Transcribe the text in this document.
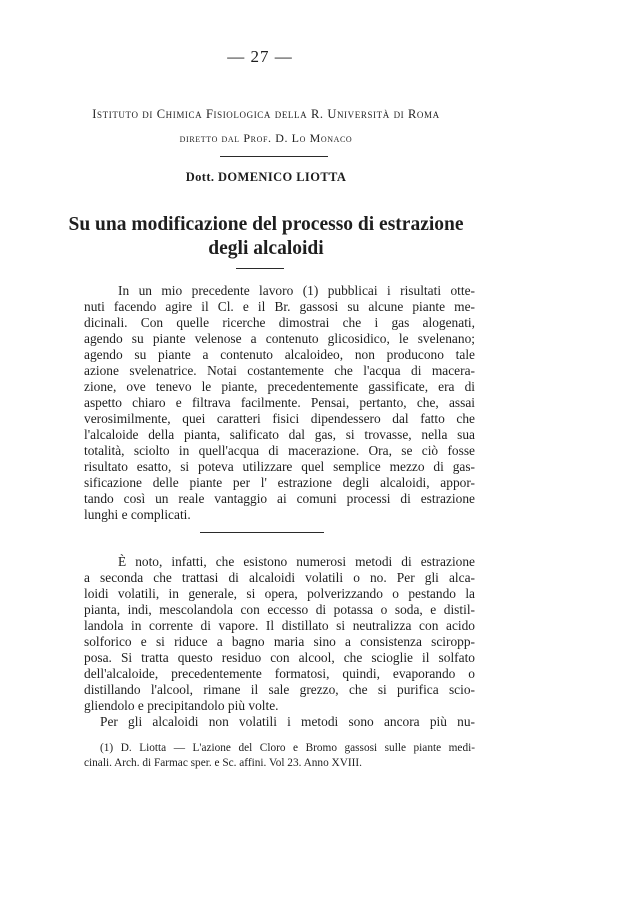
— 27 —
Istituto di Chimica Fisiologica della R. Università di Roma
diretto dal Prof. D. Lo Monaco
Dott. DOMENICO LIOTTA
Su una modificazione del processo di estrazione
degli alcaloidi
In un mio precedente lavoro (1) pubblicai i risultati otte-
nuti facendo agire il Cl. e il Br. gassosi su alcune piante me-
dicinali. Con quelle ricerche dimostrai che i gas alogenati,
agendo su piante velenose a contenuto glicosidico, le svelenano;
agendo su piante a contenuto alcaloideo, non producono tale
azione svelenatrice. Notai costantemente che l'acqua di macera-
zione, ove tenevo le piante, precedentemente gassificate, era di
aspetto chiaro e filtrava facilmente. Pensai, pertanto, che, assai
verosimilmente, quei caratteri fisici dipendessero dal fatto che
l'alcaloide della pianta, salificato dal gas, si trovasse, nella sua
totalità, sciolto in quell'acqua di macerazione. Ora, se ciò fosse
risultato esatto, si poteva utilizzare quel semplice mezzo di gas-
sificazione delle piante per l' estrazione degli alcaloidi, appor-
tando così un reale vantaggio ai comuni processi di estrazione
lunghi e complicati.
È noto, infatti, che esistono numerosi metodi di estrazione
a seconda che trattasi di alcaloidi volatili o no. Per gli alca-
loidi volatili, in generale, si opera, polverizzando o pestando la
pianta, indi, mescolandola con eccesso di potassa o soda, e distil-
landola in corrente di vapore. Il distillato si neutralizza con acido
solforico e si riduce a bagno maria sino a consistenza sciropp-
posa. Si tratta questo residuo con alcool, che scioglie il solfato
dell'alcaloide, precedentemente formatosi, quindi, evaporando o
distillando l'alcool, rimane il sale grezzo, che si purifica scio-
gliendolo e precipitandolo più volte.
Per gli alcaloidi non volatili i metodi sono ancora più nu-
(1) D. Liotta — L'azione del Cloro e Bromo gassosi sulle piante medi-
cinali. Arch. di Farmac sper. e Sc. affini. Vol 23. Anno XVIII.
